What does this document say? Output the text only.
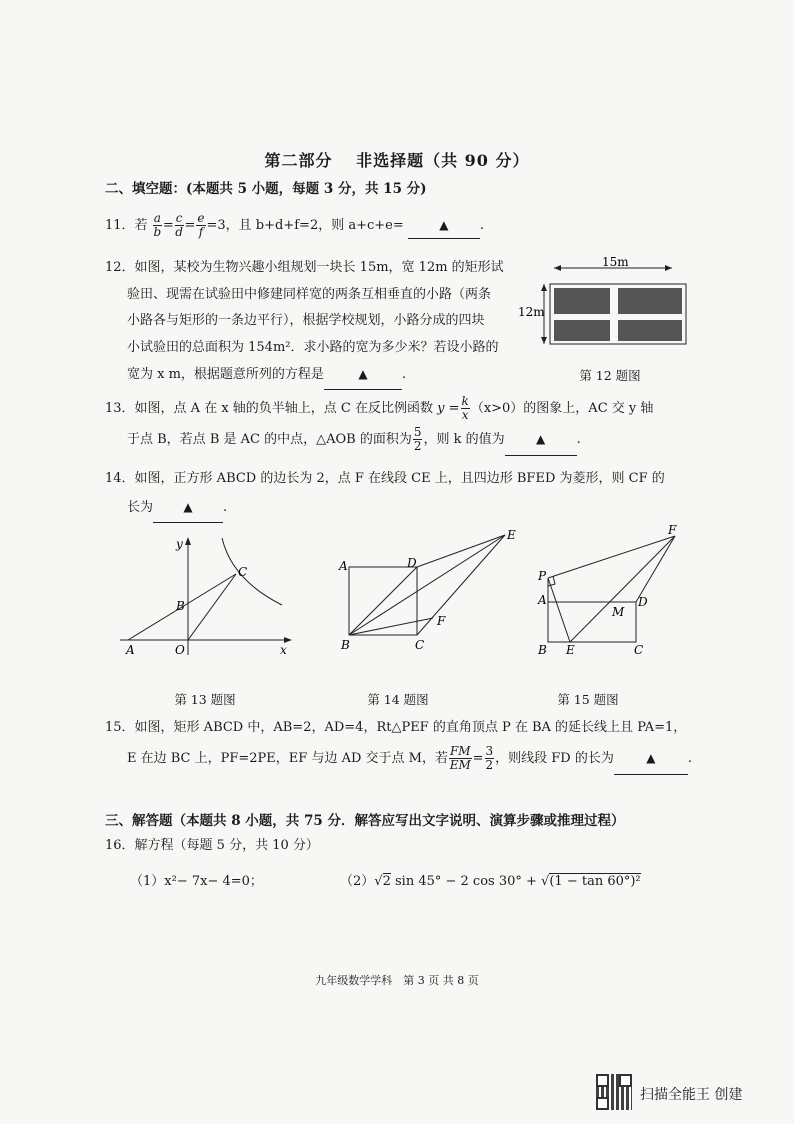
第二部分　 非选择题（共 90 分）
二、填空题：(本题共 5 小题，每题 3 分，共 15 分)
11．若 $\frac{a}{b} = \frac{c}{d} = \frac{e}{f} =3$，且 b+d+f=2，则 a+c+e=	▲ .
12．如图，某校为生物兴趣小组规划一块长 15m，宽 12m 的矩形试
验田、现需在试验田中修建同样宽的两条互相垂直的小路（两条
小路各与矩形的一条边平行），根据学校规划，小路分成的四块
小试验田的总面积为 154m²．求小路的宽为多少米？若设小路的
宽为 x m，根据题意所列的方程是	▲	.
15m
12m
第 12 题图
13．如图，点 A 在 x 轴的负半轴上，点 C 在反比例函数 $y = \frac{k}{x} (x>0)$的图象上，AC 交 y 轴
于点 B，若点 B 是 AC 的中点，△AOB 的面积为 $\frac{5}{2}$ ，则 k 的值为	▲ .
14．如图，正方形 ABCD 的边长为 2，点 F 在线段 CE 上，且四边形 BFED 为菱形，则 CF 的
长为	▲ .
y
C
B
A	O	x
第 13 题图
A	D
E
F
B	C
第 14 题图
F
P
A
M
D
B E	C
第 15 题图
15．如图，矩形 ABCD 中，AB=2，AD=4，Rt△PEF 的直角顶点 P 在 BA 的延长线上且 PA=1，
E 在边 BC 上，PF=2PE，EF 与边 AD 交于点 M，若 $\frac{FM}{EM} = \frac{3}{2}$ ，则线段 FD 的长为	▲ .
三、解答题（本题共 8 小题，共 75 分．解答应写出文字说明、演算步骤或推理过程）
16．解方程（每题 5 分，共 10 分）
（1）x²− 7x− 4=0；	（2）√2 sin 45° − 2 cos 30° + √(1 − tan 60°)²
九年级数学学科　第 3 页 共 8 页
扫描全能王 创建
